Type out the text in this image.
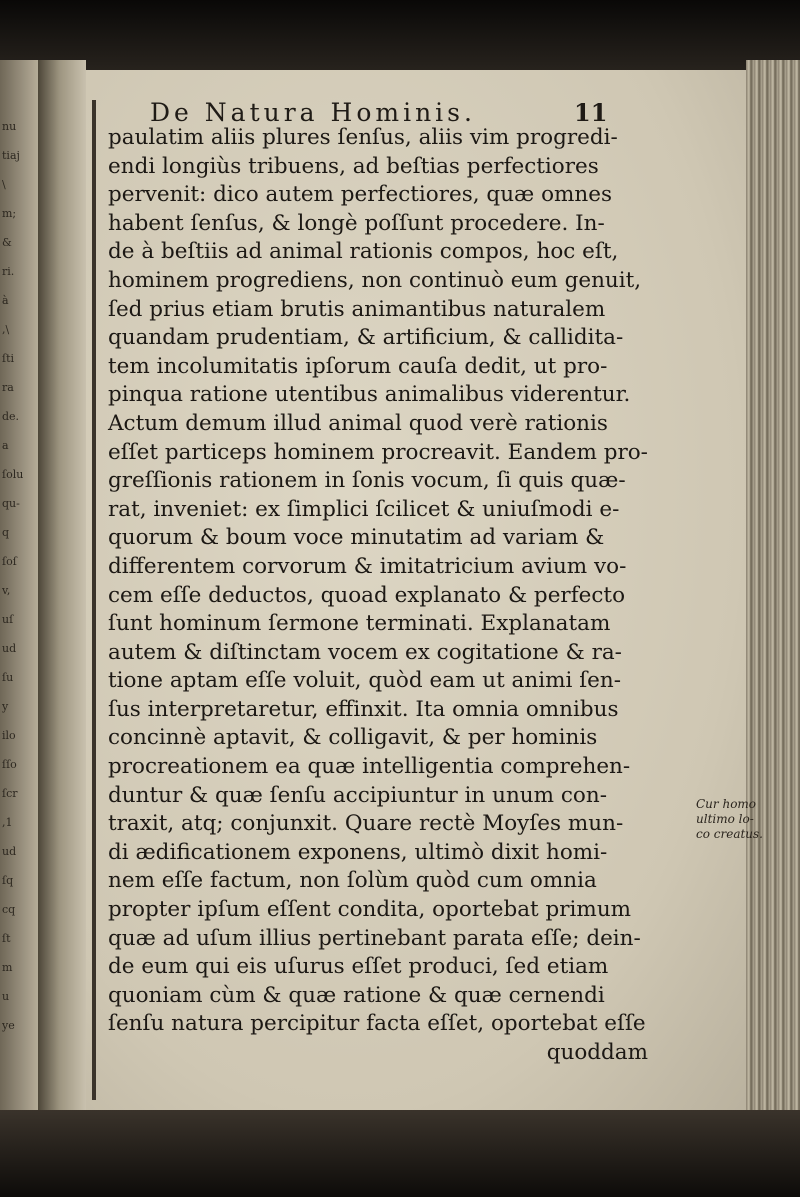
nu
tiaj
\
m;
&
ri.
à
,\
ſti
ra
de.
a
ſolu
qu-
q
ſoſ
v,
uſ
ud
ſu
y
ilo
ſſo
ſcr
,1
ud
ſq
cq
ſt
m
u
ye
De Natura Hominis.	11
paulatim aliis plures ſenſus, aliis vim progredi-
endi longiùs tribuens, ad beſtias perfectiores
pervenit: dico autem perfectiores, quæ omnes
habent ſenſus, & longè poſſunt procedere. In-
de à beſtiis ad animal rationis compos, hoc eſt,
hominem progrediens, non continuò eum genuit,
ſed prius etiam brutis animantibus naturalem
quandam prudentiam, & artificium, & callidita-
tem incolumitatis ipſorum cauſa dedit, ut pro-
pinqua ratione utentibus animalibus viderentur.
Actum demum illud animal quod verè rationis
eſſet particeps hominem procreavit. Eandem pro-
greſſionis rationem in ſonis vocum, ſi quis quæ-
rat, inveniet: ex ſimplici ſcilicet & uniuſmodi e-
quorum & boum voce minutatim ad variam &
differentem corvorum & imitatricium avium vo-
cem eſſe deductos, quoad explanato & perfecto
ſunt hominum ſermone terminati. Explanatam
autem & diſtinctam vocem ex cogitatione & ra-
tione aptam eſſe voluit, quòd eam ut animi ſen-
ſus interpretaretur, effinxit. Ita omnia omnibus
concinnè aptavit, & colligavit, & per hominis
procreationem ea quæ intelligentia comprehen-
duntur & quæ ſenſu accipiuntur in unum con-
traxit, atq; conjunxit. Quare rectè Moyſes mun-
di ædificationem exponens, ultimò dixit homi-
nem eſſe factum, non ſolùm quòd cum omnia
propter ipſum eſſent condita, oportebat primum
quæ ad uſum illius pertinebant parata eſſe; dein-
de eum qui eis uſurus eſſet produci, ſed etiam
quoniam cùm & quæ ratione & quæ cernendi
ſenſu natura percipitur facta eſſet, oportebat eſſe
quoddam
Cur homo
ultimo lo-
co creatus.
